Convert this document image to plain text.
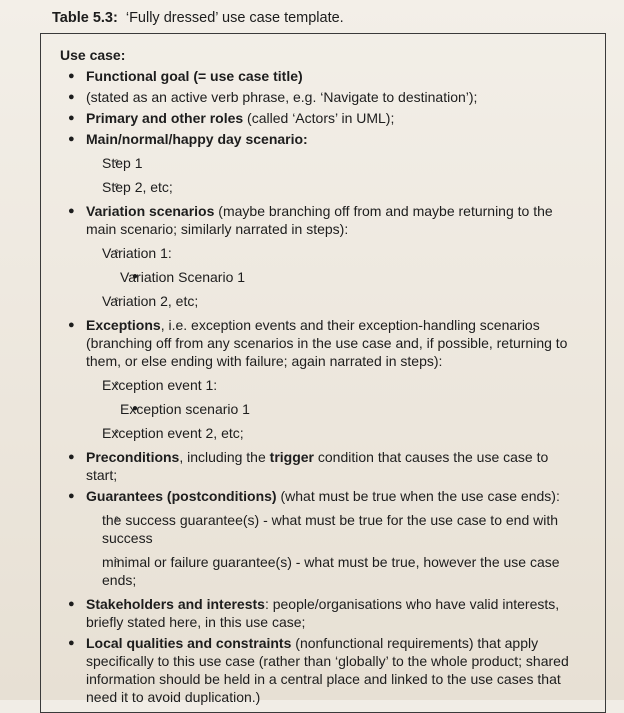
Table 5.3: ‘Fully dressed’ use case template.
Use case:
● Functional goal (= use case title)
● (stated as an active verb phrase, e.g. ‘Navigate to destination’);
● Primary and other roles (called ‘Actors’ in UML);
● Main/normal/happy day scenario:
◦ Step 1
◦ Step 2, etc;
● Variation scenarios (maybe branching off from and maybe returning to the main scenario; similarly narrated in steps):
◦ Variation 1:
● Variation Scenario 1
◦ Variation 2, etc;
● Exceptions, i.e. exception events and their exception-handling scenarios (branching off from any scenarios in the use case and, if possible, returning to them, or else ending with failure; again narrated in steps):
◦ Exception event 1:
● Exception scenario 1
◦ Exception event 2, etc;
● Preconditions, including the trigger condition that causes the use case to start;
● Guarantees (postconditions) (what must be true when the use case ends):
◦ the success guarantee(s) - what must be true for the use case to end with success
◦ minimal or failure guarantee(s) - what must be true, however the use case ends;
● Stakeholders and interests: people/organisations who have valid interests, briefly stated here, in this use case;
● Local qualities and constraints (nonfunctional requirements) that apply specifically to this use case (rather than ‘globally’ to the whole product; shared information should be held in a central place and linked to the use cases that need it to avoid duplication.)
